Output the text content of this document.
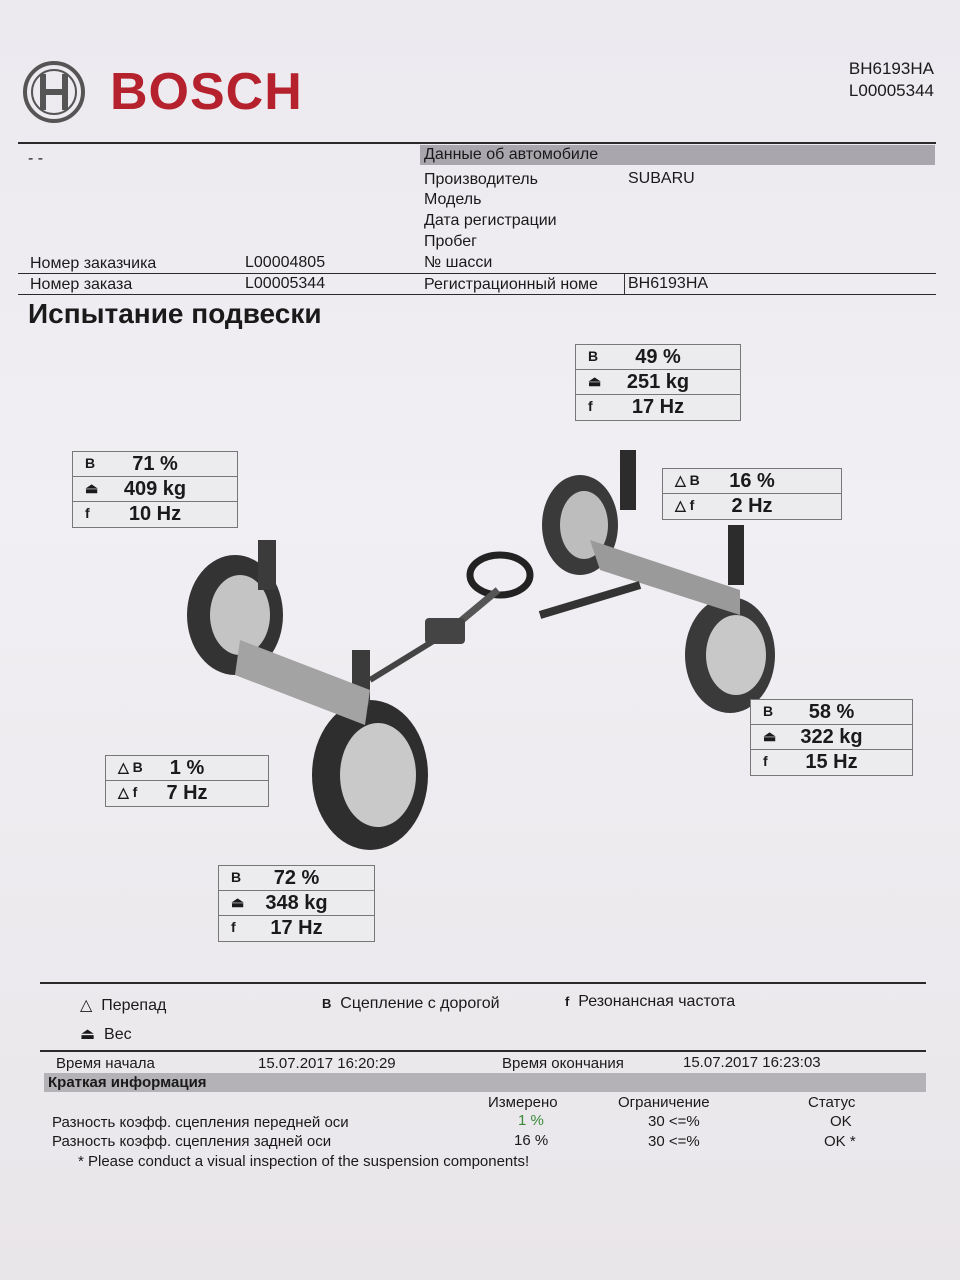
BOSCH	BH6193HA
L00005344
- -	Данные об автомобиле
Производитель	SUBARU
Модель
Дата регистрации
Пробег
№ шасси
Номер заказчика	L00004805
Номер заказа	L00005344	Регистрационный номе BH6193HA
Испытание подвески
B	49 %
⏏	251 kg
f	17 Hz
B	71 %
⏏	409 kg
f	10 Hz
△ B	16 %
△ f	2 Hz
B	58 %
⏏	322 kg
f	15 Hz
△ B	1 %
△ f	7 Hz
B	72 %
⏏	348 kg
f	17 Hz
△ Перепад	B Сцепление с дорогой	f Резонансная частота
⏏ Вес
Время начала	15.07.2017 16:20:29	Время окончания	15.07.2017 16:23:03
Краткая информация
Измерено	Ограничение	Статус
Разность коэфф. сцепления передней оси	1 %	30 <=%	OK
Разность коэфф. сцепления задней оси	16 %	30 <=%	OK *
* Please conduct a visual inspection of the suspension components!
